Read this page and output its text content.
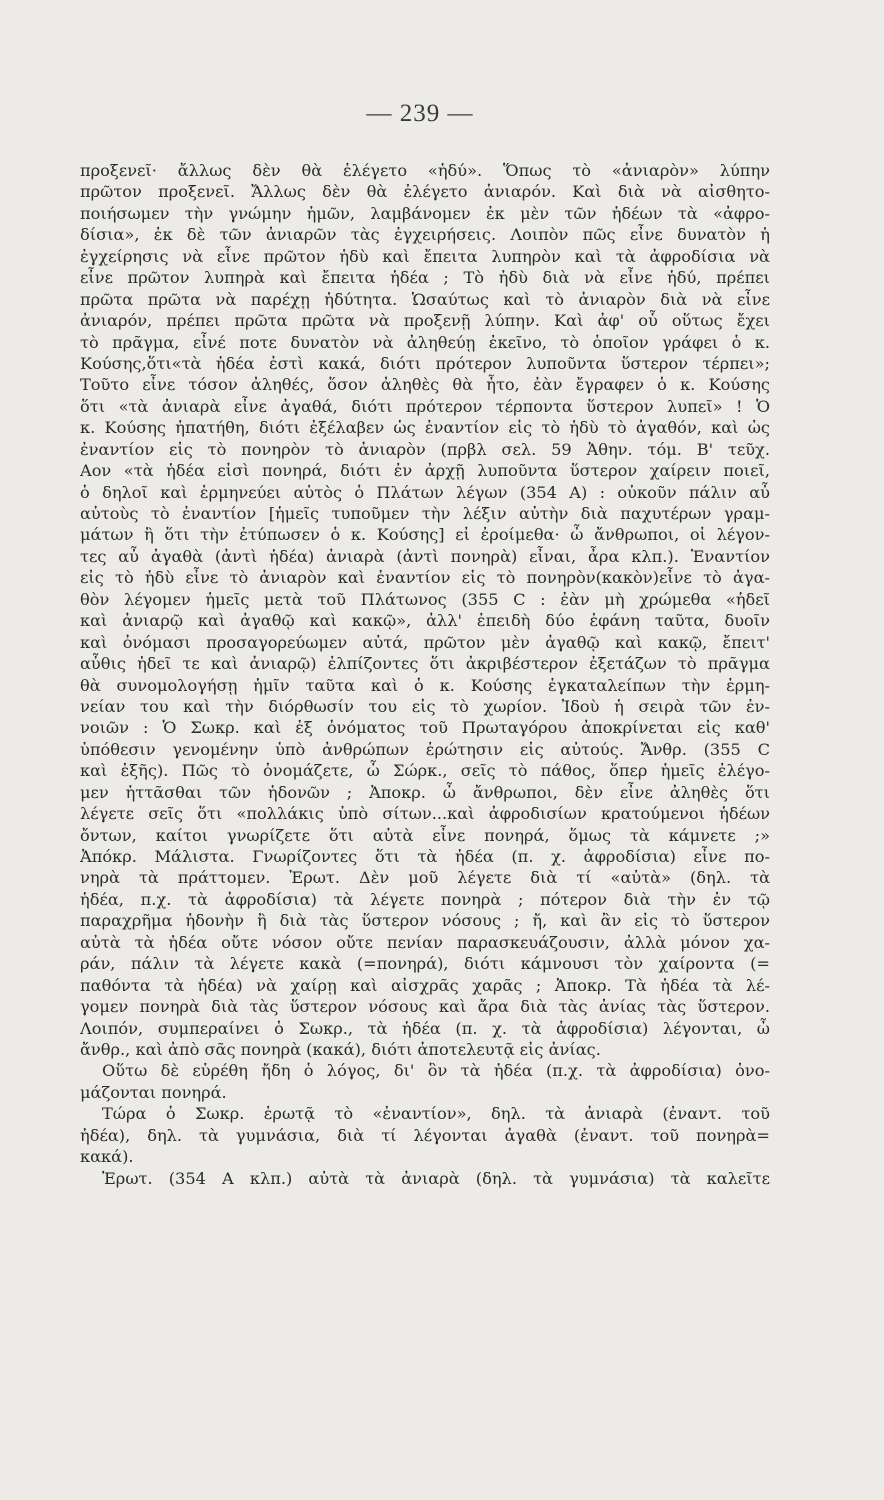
— 239 —
προξενεῖ· ἄλλως δὲν θὰ ἐλέγετο «ἡδύ». Ὅπως τὸ «ἀνιαρὸν» λύπην
πρῶτον προξενεῖ. Ἄλλως δὲν θὰ ἐλέγετο ἀνιαρόν. Καὶ διὰ νὰ αἰσθητο-
ποιήσωμεν τὴν γνώμην ἡμῶν, λαμβάνομεν ἐκ μὲν τῶν ἡδέων τὰ «ἀφρο-
δίσια», ἐκ δὲ τῶν ἀνιαρῶν τὰς ἐγχειρήσεις. Λοιπὸν πῶς εἶνε δυνατὸν ἡ
ἐγχείρησις νὰ εἶνε πρῶτον ἡδὺ καὶ ἔπειτα λυπηρὸν καὶ τὰ ἀφροδίσια νὰ
εἶνε πρῶτον λυπηρὰ καὶ ἔπειτα ἡδέα ; Τὸ ἡδὺ διὰ νὰ εἶνε ἡδύ, πρέπει
πρῶτα πρῶτα νὰ παρέχῃ ἡδύτητα. Ὡσαύτως καὶ τὸ ἀνιαρὸν διὰ νὰ εἶνε
ἀνιαρόν, πρέπει πρῶτα πρῶτα νὰ προξενῇ λύπην. Καὶ ἀφ' οὗ οὕτως ἔχει
τὸ πρᾶγμα, εἶνέ ποτε δυνατὸν νὰ ἀληθεύῃ ἐκεῖνο, τὸ ὁποῖον γράφει ὁ κ.
Κούσης,ὅτι«τὰ ἡδέα ἐστὶ κακά, διότι πρότερον λυποῦντα ὕστερον τέρπει»;
Τοῦτο εἶνε τόσον ἀληθές, ὅσον ἀληθὲς θὰ ἦτο, ἐὰν ἔγραφεν ὁ κ. Κούσης
ὅτι «τὰ ἀνιαρὰ εἶνε ἀγαθά, διότι πρότερον τέρποντα ὕστερον λυπεῖ» ! Ὁ
κ. Κούσης ἠπατήθη, διότι ἐξέλαβεν ὡς ἐναντίον εἰς τὸ ἡδὺ τὸ ἀγαθόν, καὶ ὡς
ἐναντίον εἰς τὸ πονηρὸν τὸ ἀνιαρὸν (πρβλ σελ. 59 Ἀθην. τόμ. Β' τεῦχ.
Αον «τὰ ἡδέα εἰσὶ πονηρά, διότι ἐν ἀρχῇ λυποῦντα ὕστερον χαίρειν ποιεῖ,
ὁ δηλοῖ καὶ ἑρμηνεύει αὐτὸς ὁ Πλάτων λέγων (354 Α) : οὐκοῦν πάλιν αὖ
αὐτοὺς τὸ ἐναντίον [ἡμεῖς τυποῦμεν τὴν λέξιν αὐτὴν διὰ παχυτέρων γραμ-
μάτων ἢ ὅτι τὴν ἐτύπωσεν ὁ κ. Κούσης] εἰ ἐροίμεθα· ὦ ἄνθρωποι, οἱ λέγον-
τες αὖ ἀγαθὰ (ἀντὶ ἡδέα) ἀνιαρὰ (ἀντὶ πονηρὰ) εἶναι, ἆρα κλπ.). Ἐναντίον
εἰς τὸ ἡδὺ εἶνε τὸ ἀνιαρὸν καὶ ἐναντίον εἰς τὸ πονηρὸν(κακὸν)εἶνε τὸ ἀγα-
θὸν λέγομεν ἡμεῖς μετὰ τοῦ Πλάτωνος (355 C : ἐὰν μὴ χρώμεθα «ἡδεῖ
καὶ ἀνιαρῷ καὶ ἀγαθῷ καὶ κακῷ», ἀλλ' ἐπειδὴ δύο ἐφάνη ταῦτα, δυοῖν
καὶ ὀνόμασι προσαγορεύωμεν αὐτά, πρῶτον μὲν ἀγαθῷ καὶ κακῷ, ἔπειτ'
αὖθις ἡδεῖ τε καὶ ἀνιαρῷ) ἐλπίζοντες ὅτι ἀκριβέστερον ἐξετάζων τὸ πρᾶγμα
θὰ συνομολογήσῃ ἡμῖν ταῦτα καὶ ὁ κ. Κούσης ἐγκαταλείπων τὴν ἑρμη-
νείαν του καὶ τὴν διόρθωσίν του εἰς τὸ χωρίον. Ἰδοὺ ἡ σειρὰ τῶν ἐν-
νοιῶν : Ὁ Σωκρ. καὶ ἐξ ὀνόματος τοῦ Πρωταγόρου ἀποκρίνεται εἰς καθ'
ὑπόθεσιν γενομένην ὑπὸ ἀνθρώπων ἐρώτησιν εἰς αὐτούς. Ἄνθρ. (355 C
καὶ ἑξῆς). Πῶς τὸ ὀνομάζετε, ὦ Σώρκ., σεῖς τὸ πάθος, ὅπερ ἡμεῖς ἐλέγο-
μεν ἡττᾶσθαι τῶν ἡδονῶν ; Ἀποκρ. ὦ ἄνθρωποι, δὲν εἶνε ἀληθὲς ὅτι
λέγετε σεῖς ὅτι «πολλάκις ὑπὸ σίτων...καὶ ἀφροδισίων κρατούμενοι ἡδέων
ὄντων, καίτοι γνωρίζετε ὅτι αὐτὰ εἶνε πονηρά, ὅμως τὰ κάμνετε ;»
Ἀπόκρ. Μάλιστα. Γνωρίζοντες ὅτι τὰ ἡδέα (π. χ. ἀφροδίσια) εἶνε πο-
νηρὰ τὰ πράττομεν. Ἐρωτ. Δὲν μοῦ λέγετε διὰ τί «αὐτὰ» (δηλ. τὰ
ἡδέα, π.χ. τὰ ἀφροδίσια) τὰ λέγετε πονηρὰ ; πότερον διὰ τὴν ἐν τῷ
παραχρῆμα ἡδονὴν ἢ διὰ τὰς ὕστερον νόσους ; ἤ, καὶ ἂν εἰς τὸ ὕστερον
αὐτὰ τὰ ἡδέα οὔτε νόσον οὔτε πενίαν παρασκευάζουσιν, ἀλλὰ μόνον χα-
ράν, πάλιν τὰ λέγετε κακὰ (=πονηρά), διότι κάμνουσι τὸν χαίροντα (=
παθόντα τὰ ἡδέα) νὰ χαίρῃ καὶ αἰσχρᾶς χαρᾶς ; Ἀποκρ. Τὰ ἡδέα τὰ λέ-
γομεν πονηρὰ διὰ τὰς ὕστερον νόσους καὶ ἄρα διὰ τὰς ἀνίας τὰς ὕστερον.
Λοιπόν, συμπεραίνει ὁ Σωκρ., τὰ ἡδέα (π. χ. τὰ ἀφροδίσια) λέγονται, ὦ
ἄνθρ., καὶ ἀπὸ σᾶς πονηρὰ (κακά), διότι ἀποτελευτᾷ εἰς ἀνίας.
Οὕτω δὲ εὑρέθη ἤδη ὁ λόγος, δι' ὃν τὰ ἡδέα (π.χ. τὰ ἀφροδίσια) ὀνο-
μάζονται πονηρά.
Τώρα ὁ Σωκρ. ἐρωτᾷ τὸ «ἐναντίον», δηλ. τὰ ἀνιαρὰ (ἐναντ. τοῦ
ἡδέα), δηλ. τὰ γυμνάσια, διὰ τί λέγονται ἀγαθὰ (ἐναντ. τοῦ πονηρὰ=
κακά).
Ἐρωτ. (354 Α κλπ.) αὐτὰ τὰ ἀνιαρὰ (δηλ. τὰ γυμνάσια) τὰ καλεῖτε
